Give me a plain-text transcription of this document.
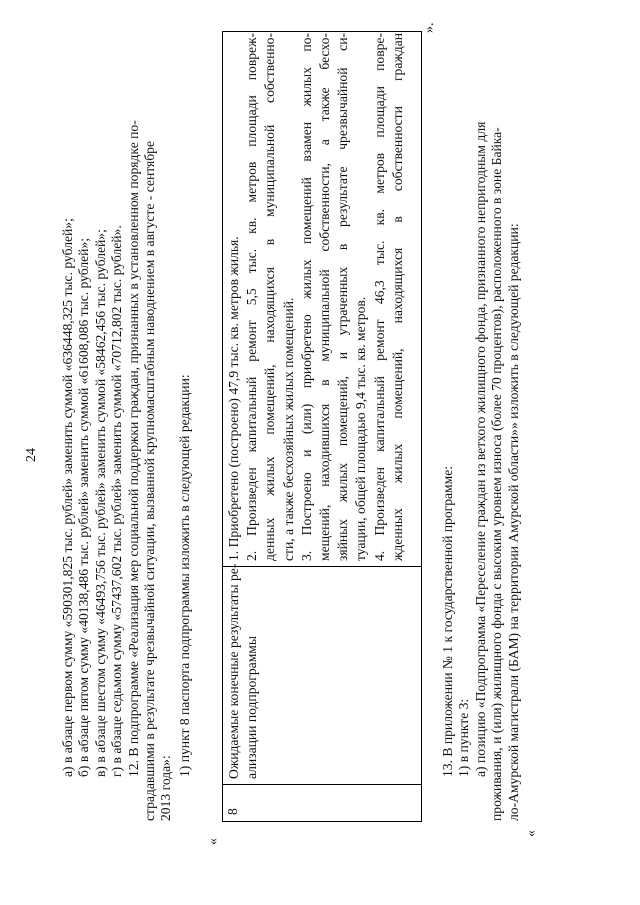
24 а) в абзаце первом сумму «590301,825 тыс. рублей» заменить суммой «636448,325 тыс. рублей»; б) в абзаце пятом сумму «40138,486 тыс. рублей» заменить суммой «61608,086 тыс. рублей»; в) в абзаце шестом сумму «46493,756 тыс. рублей» заменить суммой «58462,456 тыс. рублей»; г) в абзаце седьмом сумму «57437,602 тыс. рублей» заменить суммой «70712,802 тыс. рублей». 12. В подпрограмме «Реализация мер социальной поддержки граждан, признанных в установленном порядке по- страдавшими в результате чрезвычайной ситуации, вызванной крупномасштабным наводнением в августе - сентябре 2013 года»:
1) пункт 8 паспорта подпрограммы изложить в следующей редакции:
«
8
Ожидаемые конечные результаты ре- ализации подпрограммы
1. Приобретено (построено) 47,9 тыс. кв. метров жилья. 2. Произведен капитальный ремонт 5,5 тыс. кв. метров площади повреж- денных жилых помещений, находящихся в муниципальной собственно- сти, а также бесхозяйных жилых помещений. 3. Построено и (или) приобретено жилых помещений взамен жилых по- мещений, находившихся в муниципальной собственности, а также бесхо- зяйных жилых помещений, и утраченных в результате чрезвычайной си- туации, общей площадью 9,4 тыс. кв. метров. 4. Произведен капитальный ремонт 46,3 тыс. кв. метров площади повре- жденных жилых помещений, находящихся в собственности граждан
».
13. В приложении № 1 к государственной программе: 1) в пункте 3: а) позицию «Подпрограмма «Переселение граждан из ветхого жилищного фонда, признанного непригодным для проживания, и (или) жилищного фонда с высоким уровнем износа (более 70 процентов), расположенного в зоне Байка- ло-Амурской магистрали (БАМ) на территории Амурской области»» изложить в следующей редакции:
«
